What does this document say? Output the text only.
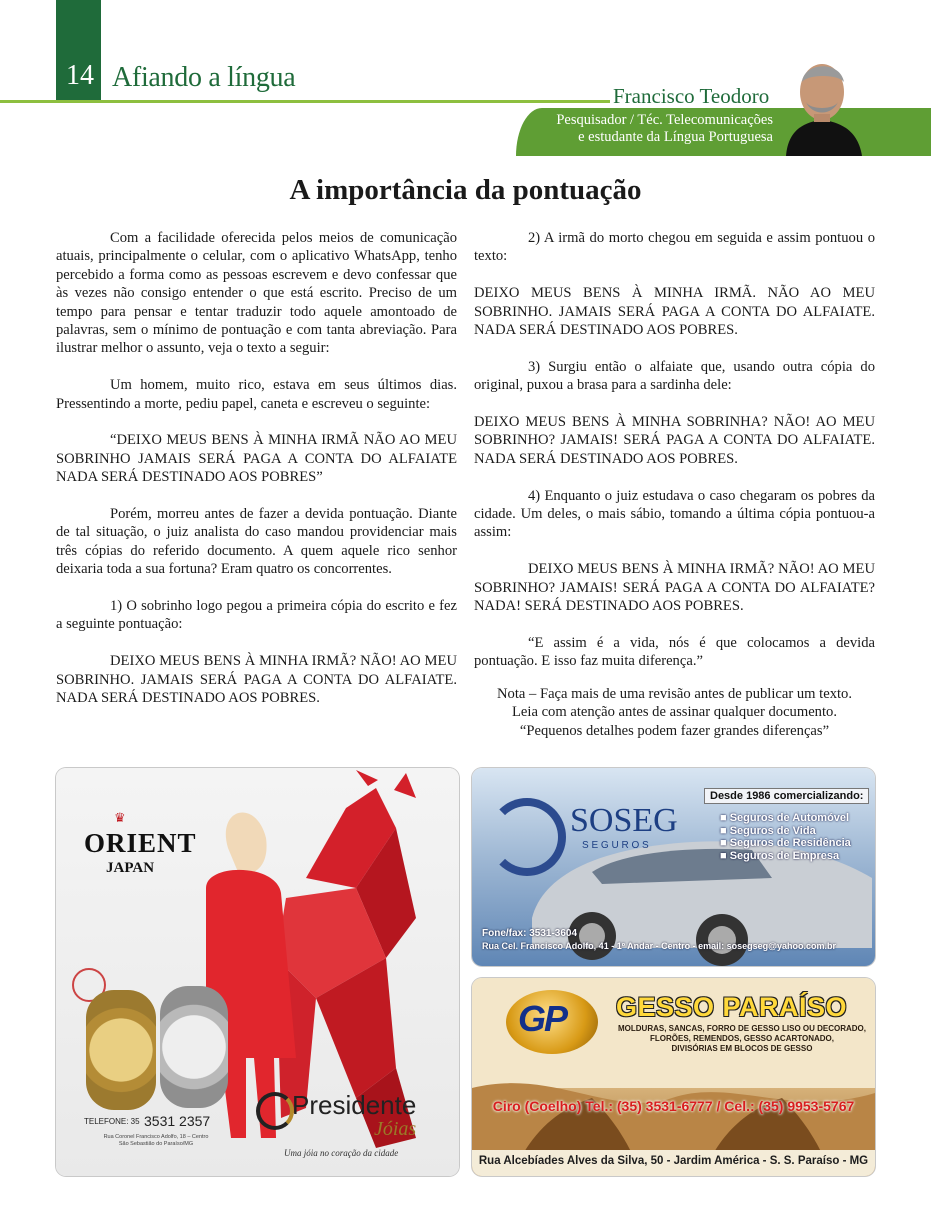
14 Afiando a língua
Francisco Teodoro
Pesquisador / Téc. Telecomunicações
e estudante da Língua Portuguesa
A importância da pontuação

Com a facilidade oferecida pelos meios de comunicação atuais, principalmente o celular, com o aplicativo WhatsApp, tenho percebido a forma como as pessoas escrevem e devo confessar que às vezes não consigo entender o que está escrito. Preciso de um tempo para pensar e tentar traduzir todo aquele amontoado de palavras, sem o mínimo de pontuação e com tanta abreviação. Para ilustrar melhor o assunto, veja o texto a seguir:

Um homem, muito rico, estava em seus últimos dias. Pressentindo a morte, pediu papel, caneta e escreveu o seguinte:

“DEIXO MEUS BENS À MINHA IRMÃ NÃO AO MEU SOBRINHO JAMAIS SERÁ PAGA A CONTA DO ALFAIATE NADA SERÁ DESTINADO AOS POBRES”

Porém, morreu antes de fazer a devida pontuação. Diante de tal situação, o juiz analista do caso mandou providenciar mais três cópias do referido documento. A quem aquele rico senhor deixaria toda a sua fortuna? Eram quatro os concorrentes.

1) O sobrinho logo pegou a primeira cópia do escrito e fez a seguinte pontuação:

DEIXO MEUS BENS À MINHA IRMÃ? NÃO! AO MEU SOBRINHO. JAMAIS SERÁ PAGA A CONTA DO ALFAIATE. NADA SERÁ DESTINADO AOS POBRES.

2) A irmã do morto chegou em seguida e assim pontuou o texto:

DEIXO MEUS BENS À MINHA IRMÃ. NÃO AO MEU SOBRINHO. JAMAIS SERÁ PAGA A CONTA DO ALFAIATE. NADA SERÁ DESTINADO AOS POBRES.

3) Surgiu então o alfaiate que, usando outra cópia do original, puxou a brasa para a sardinha dele:

DEIXO MEUS BENS À MINHA SOBRINHA? NÃO! AO MEU SOBRINHO? JAMAIS! SERÁ PAGA A CONTA DO ALFAIATE. NADA SERÁ DESTINADO AOS POBRES.

4) Enquanto o juiz estudava o caso chegaram os pobres da cidade. Um deles, o mais sábio, tomando a última cópia pontuou-a assim:

DEIXO MEUS BENS À MINHA IRMÃ? NÃO! AO MEU SOBRINHO? JAMAIS! SERÁ PAGA A CONTA DO ALFAIATE? NADA! SERÁ DESTINADO AOS POBRES.

“E assim é a vida, nós é que colocamos a devida pontuação. E isso faz muita diferença.”

Nota – Faça mais de uma revisão antes de publicar um texto.
Leia com atenção antes de assinar qualquer documento.
“Pequenos detalhes podem fazer grandes diferenças”
♛
ORIENT
JAPAN
TELEFONE: 35 3531 2357
Rua Coronel Francisco Adolfo, 18 – Centro
São Sebastião do Paraíso/MG
Presidente
Jóias
Uma jóia no coração da cidade
SOSEG
S E G U R O S
Desde 1986 comercializando:
■ Seguros de Automóvel
■ Seguros de Vida
■ Seguros de Residência
■ Seguros de Empresa
Fone/fax: 3531-3604
Rua Cel. Francisco Adolfo, 41 - 1º Andar - Centro - email: sosegseg@yahoo.com.br
GP GESSO PARAÍSO
MOLDURAS, SANCAS, FORRO DE GESSO LISO OU DECORADO,
FLORÕES, REMENDOS, GESSO ACARTONADO,
DIVISÓRIAS EM BLOCOS DE GESSO
Ciro (Coelho) Tel.: (35) 3531-6777 / Cel.: (35) 9953-5767
Rua Alcebíades Alves da Silva, 50 - Jardim América - S. S. Paraíso - MG
